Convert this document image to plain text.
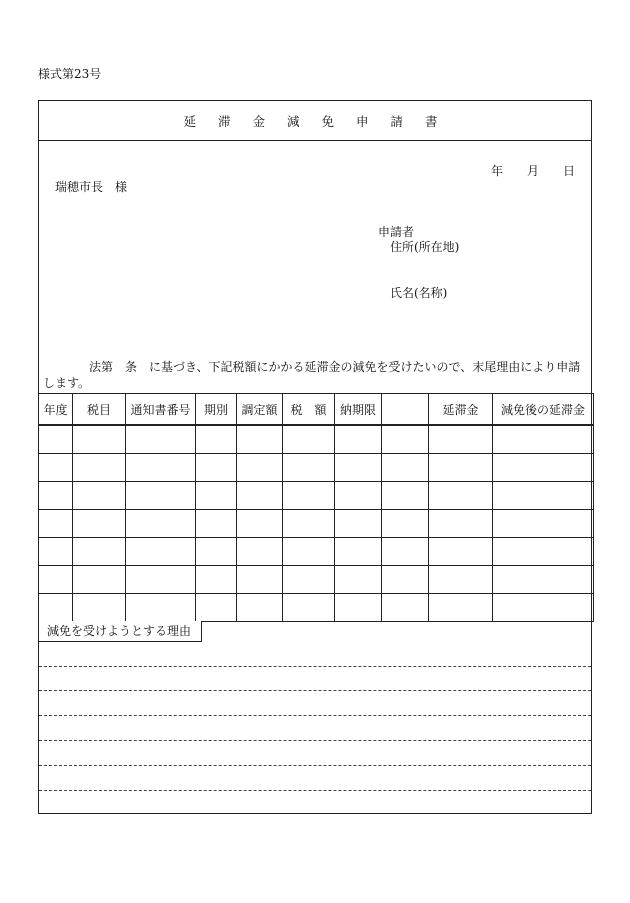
様式第23号
延 滞 金 減 免 申 請 書
年	月	日
瑞穂市長　様
申請者
住所(所在地)
氏名(名称)
法第　条　に基づき、下記税額にかかる延滞金の減免を受けたいので、末尾理由により申請します。
年度	税目	通知書番号	期別	調定額	税　額	納期限		延滞金	減免後の延滞金

減免を受けようとする理由
